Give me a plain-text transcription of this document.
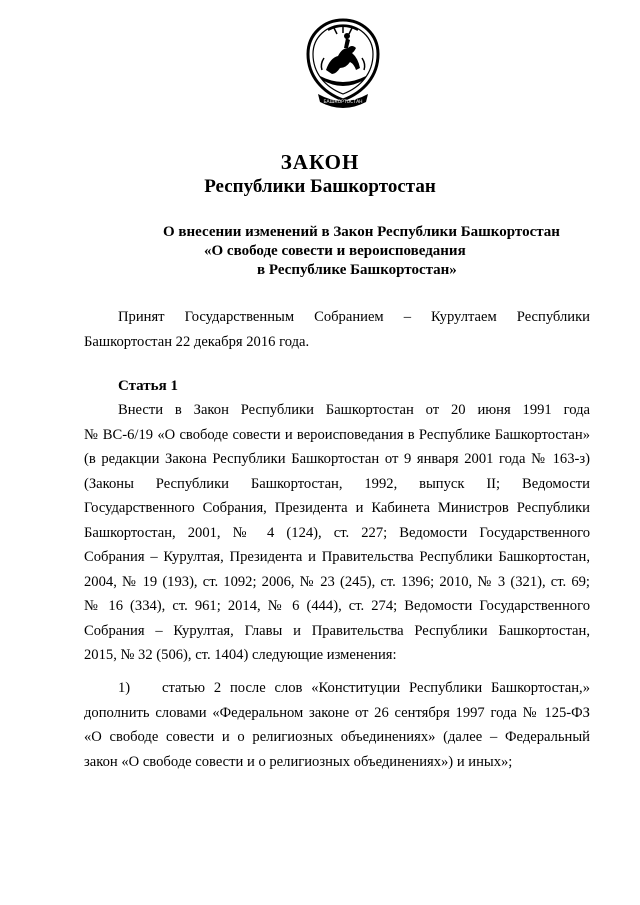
БАШКОРТОСТАН
ЗАКОН
Республики Башкортостан
О внесении изменений в Закон Республики Башкортостан
«О свободе совести и вероисповедания
в Республике Башкортостан»
Принят Государственным Собранием – Курултаем Республики
Башкортостан 22 декабря 2016 года.
Статья 1
Внести в Закон Республики Башкортостан от 20 июня 1991 года
№ ВС-6/19 «О свободе совести и вероисповедания в Республике Башкортостан»
(в редакции Закона Республики Башкортостан от 9 января 2001 года № 163-з)
(Законы Республики Башкортостан, 1992, выпуск II; Ведомости
Государственного Собрания, Президента и Кабинета Министров Республики
Башкортостан, 2001, № 4 (124), ст. 227; Ведомости Государственного
Собрания – Курултая, Президента и Правительства Республики Башкортостан,
2004, № 19 (193), ст. 1092; 2006, № 23 (245), ст. 1396; 2010, № 3 (321), ст. 69;
№ 16 (334), ст. 961; 2014, № 6 (444), ст. 274; Ведомости Государственного
Собрания – Курултая, Главы и Правительства Республики Башкортостан,
2015, № 32 (506), ст. 1404) следующие изменения:
1) статью 2 после слов «Конституции Республики Башкортостан,»
дополнить словами «Федеральном законе от 26 сентября 1997 года № 125-ФЗ
«О свободе совести и о религиозных объединениях» (далее – Федеральный
закон «О свободе совести и о религиозных объединениях») и иных»;
